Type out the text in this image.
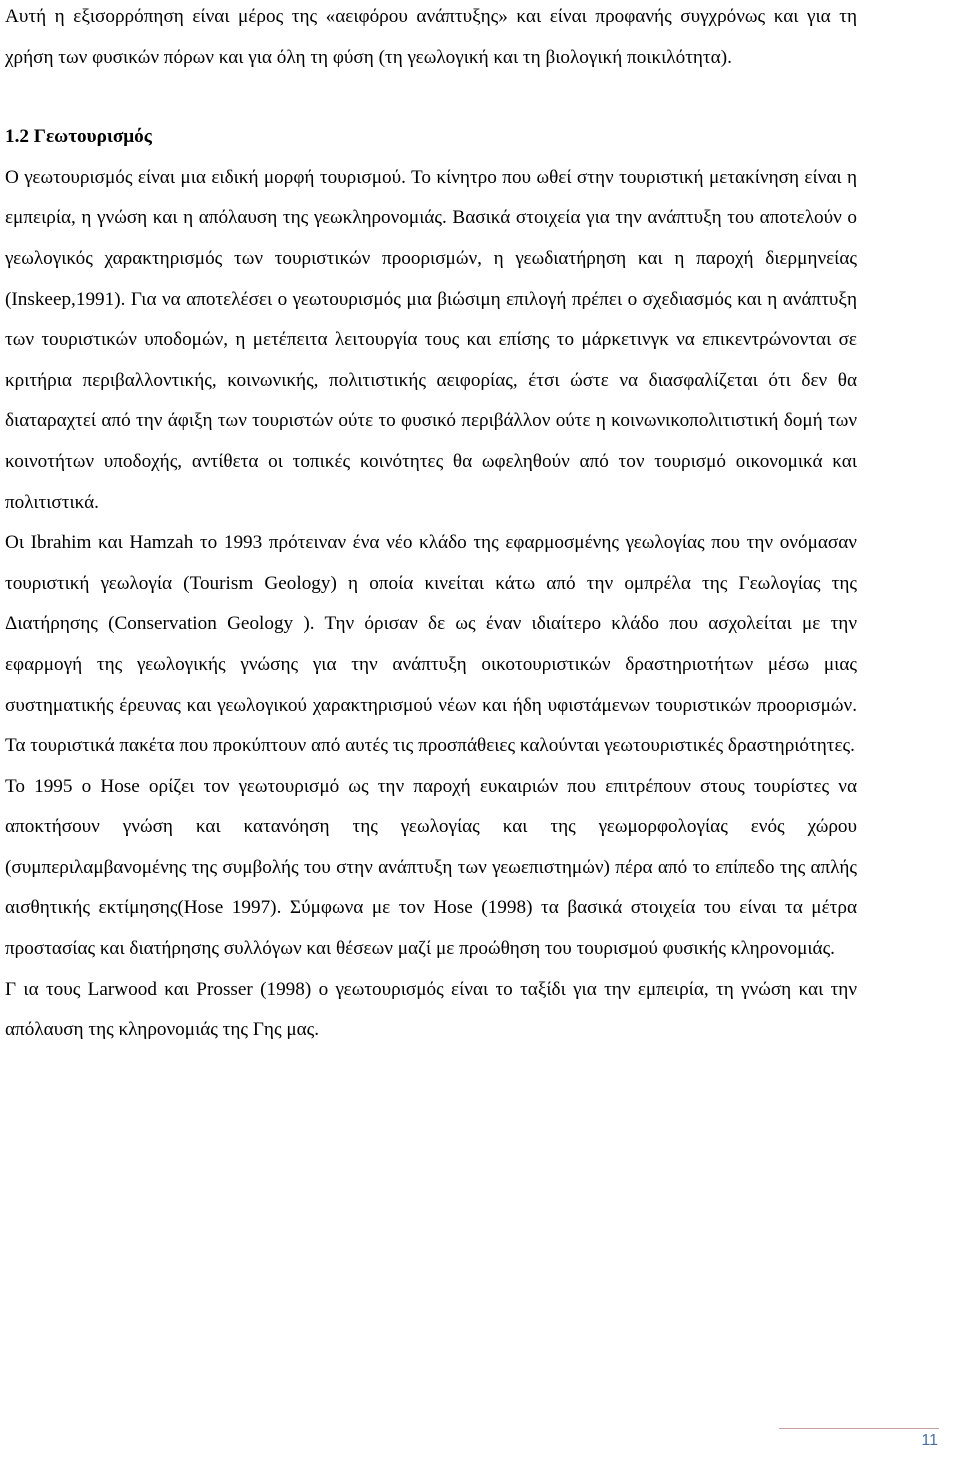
Αυτή η εξισορρόπηση είναι μέρος της «αειφόρου ανάπτυξης» και είναι προφανής συγχρόνως και για τη χρήση των φυσικών πόρων και για όλη τη φύση (τη γεωλογική και τη βιολογική ποικιλότητα).

1.2 Γεωτουρισμός

Ο γεωτουρισμός είναι μια ειδική μορφή τουρισμού. Το κίνητρο που ωθεί στην τουριστική μετακίνηση είναι η εμπειρία, η γνώση και η απόλαυση της γεωκληρονομιάς. Βασικά στοιχεία για την ανάπτυξη του αποτελούν ο γεωλογικός χαρακτηρισμός των τουριστικών προορισμών, η γεωδιατήρηση και η παροχή διερμηνείας (Inskeep,1991). Για να αποτελέσει ο γεωτουρισμός μια βιώσιμη επιλογή πρέπει ο σχεδιασμός και η ανάπτυξη των τουριστικών υποδομών, η μετέπειτα λειτουργία τους και επίσης το μάρκετινγκ να επικεντρώνονται σε κριτήρια περιβαλλοντικής, κοινωνικής, πολιτιστικής αειφορίας, έτσι ώστε να διασφαλίζεται ότι δεν θα διαταραχτεί από την άφιξη των τουριστών ούτε το φυσικό περιβάλλον ούτε η κοινωνικοπολιτιστική δομή των κοινοτήτων υποδοχής, αντίθετα οι τοπικές κοινότητες θα ωφεληθούν από τον τουρισμό οικονομικά και πολιτιστικά.

Οι Ibrahim και Hamzah το 1993 πρότειναν ένα νέο κλάδο της εφαρμοσμένης γεωλογίας που την ονόμασαν τουριστική γεωλογία (Tourism Geology) η οποία κινείται κάτω από την ομπρέλα της Γεωλογίας της Διατήρησης (Conservation Geology ). Την όρισαν δε ως έναν ιδιαίτερο κλάδο που ασχολείται με την εφαρμογή της γεωλογικής γνώσης για την ανάπτυξη οικοτουριστικών δραστηριοτήτων μέσω μιας συστηματικής έρευνας και γεωλογικού χαρακτηρισμού νέων και ήδη υφιστάμενων τουριστικών προορισμών. Τα τουριστικά πακέτα που προκύπτουν από αυτές τις προσπάθειες καλούνται γεωτουριστικές δραστηριότητες.

Το 1995 ο Hose ορίζει τον γεωτουρισμό ως την παροχή ευκαιριών που επιτρέπουν στους τουρίστες να αποκτήσουν γνώση και κατανόηση της γεωλογίας και της γεωμορφολογίας ενός χώρου (συμπεριλαμβανομένης της συμβολής του στην ανάπτυξη των γεωεπιστημών) πέρα από το επίπεδο της απλής αισθητικής εκτίμησης(Hose 1997). Σύμφωνα με τον Hose (1998) τα βασικά στοιχεία του είναι τα μέτρα προστασίας και διατήρησης συλλόγων και θέσεων μαζί με προώθηση του τουρισμού φυσικής κληρονομιάς.

Γ ια τους Larwood και Prosser (1998) ο γεωτουρισμός είναι το ταξίδι για την εμπειρία, τη γνώση και την απόλαυση της κληρονομιάς της Γης μας.

11
